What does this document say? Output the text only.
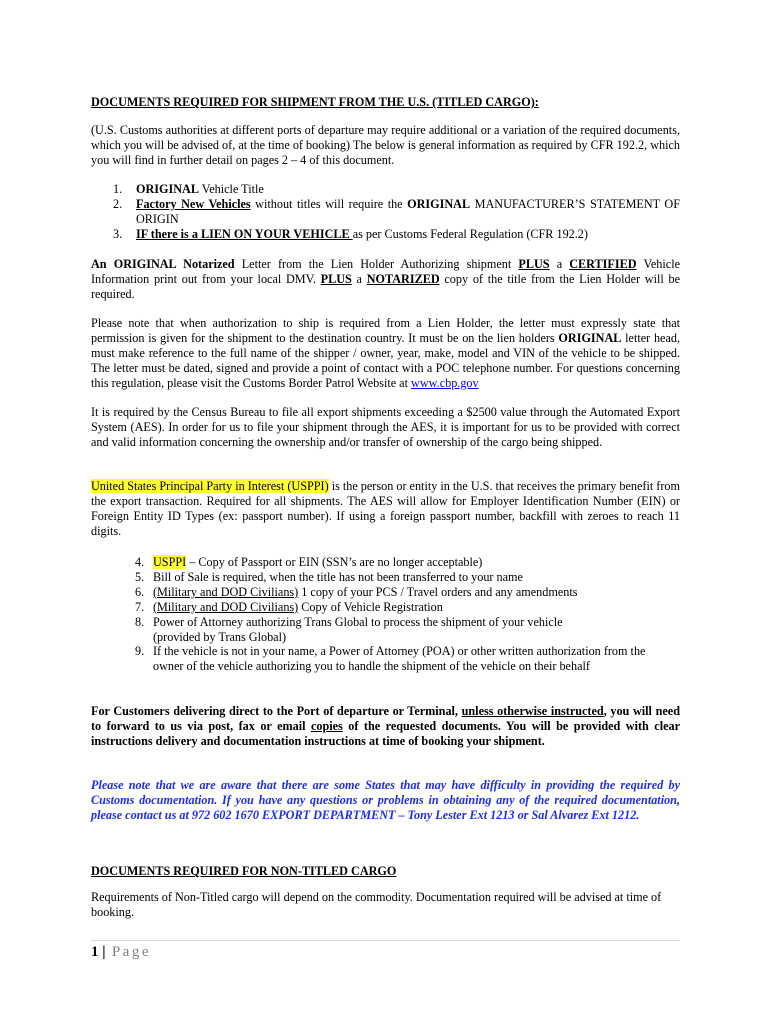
DOCUMENTS REQUIRED FOR SHIPMENT FROM THE U.S. (TITLED CARGO):

(U.S. Customs authorities at different ports of departure may require additional or a variation of the required documents, which you will be advised of, at the time of booking) The below is general information as required by CFR 192.2, which you will find in further detail on pages 2 – 4 of this document.

1. ORIGINAL Vehicle Title
2. Factory New Vehicles without titles will require the ORIGINAL MANUFACTURER’S STATEMENT OF ORIGIN
3. IF there is a LIEN ON YOUR VEHICLE as per Customs Federal Regulation (CFR 192.2)

An ORIGINAL Notarized Letter from the Lien Holder Authorizing shipment PLUS a CERTIFIED Vehicle Information print out from your local DMV. PLUS a NOTARIZED copy of the title from the Lien Holder will be required.

Please note that when authorization to ship is required from a Lien Holder, the letter must expressly state that permission is given for the shipment to the destination country. It must be on the lien holders ORIGINAL letter head, must make reference to the full name of the shipper / owner, year, make, model and VIN of the vehicle to be shipped. The letter must be dated, signed and provide a point of contact with a POC telephone number. For questions concerning this regulation, please visit the Customs Border Patrol Website at www.cbp.gov

It is required by the Census Bureau to file all export shipments exceeding a $2500 value through the Automated Export System (AES). In order for us to file your shipment through the AES, it is important for us to be provided with correct and valid information concerning the ownership and/or transfer of ownership of the cargo being shipped.

United States Principal Party in Interest (USPPI) is the person or entity in the U.S. that receives the primary benefit from the export transaction. Required for all shipments. The AES will allow for Employer Identification Number (EIN) or Foreign Entity ID Types (ex: passport number). If using a foreign passport number, backfill with zeroes to reach 11 digits.

4. USPPI – Copy of Passport or EIN (SSN’s are no longer acceptable)
5. Bill of Sale is required, when the title has not been transferred to your name
6. (Military and DOD Civilians) 1 copy of your PCS / Travel orders and any amendments
7. (Military and DOD Civilians) Copy of Vehicle Registration
8. Power of Attorney authorizing Trans Global to process the shipment of your vehicle
(provided by Trans Global)
9. If the vehicle is not in your name, a Power of Attorney (POA) or other written authorization from the
owner of the vehicle authorizing you to handle the shipment of the vehicle on their behalf

For Customers delivering direct to the Port of departure or Terminal, unless otherwise instructed, you will need to forward to us via post, fax or email copies of the requested documents. You will be provided with clear instructions delivery and documentation instructions at time of booking your shipment.

Please note that we are aware that there are some States that may have difficulty in providing the required by Customs documentation. If you have any questions or problems in obtaining any of the required documentation, please contact us at 972 602 1670 EXPORT DEPARTMENT – Tony Lester Ext 1213 or Sal Alvarez Ext 1212.

DOCUMENTS REQUIRED FOR NON-TITLED CARGO

Requirements of Non-Titled cargo will depend on the commodity. Documentation required will be advised at time of booking.

1 | Page
